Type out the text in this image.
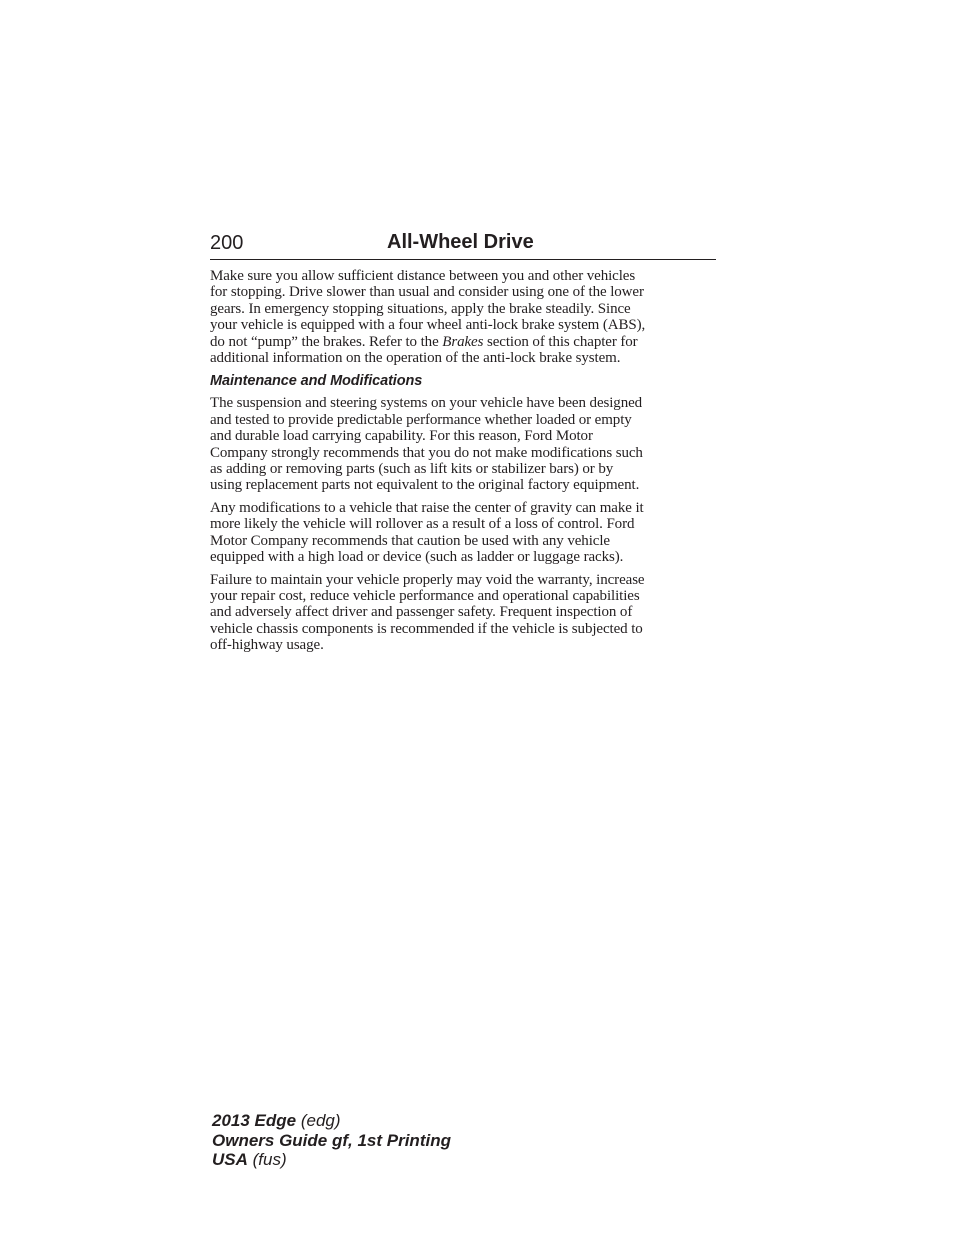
200	All-Wheel Drive

Make sure you allow sufficient distance between you and other vehicles
for stopping. Drive slower than usual and consider using one of the lower
gears. In emergency stopping situations, apply the brake steadily. Since
your vehicle is equipped with a four wheel anti-lock brake system (ABS),
do not “pump” the brakes. Refer to the Brakes section of this chapter for
additional information on the operation of the anti-lock brake system.

Maintenance and Modifications

The suspension and steering systems on your vehicle have been designed
and tested to provide predictable performance whether loaded or empty
and durable load carrying capability. For this reason, Ford Motor
Company strongly recommends that you do not make modifications such
as adding or removing parts (such as lift kits or stabilizer bars) or by
using replacement parts not equivalent to the original factory equipment.

Any modifications to a vehicle that raise the center of gravity can make it
more likely the vehicle will rollover as a result of a loss of control. Ford
Motor Company recommends that caution be used with any vehicle
equipped with a high load or device (such as ladder or luggage racks).

Failure to maintain your vehicle properly may void the warranty, increase
your repair cost, reduce vehicle performance and operational capabilities
and adversely affect driver and passenger safety. Frequent inspection of
vehicle chassis components is recommended if the vehicle is subjected to
off-highway usage.

2013 Edge (edg)
Owners Guide gf, 1st Printing
USA (fus)
